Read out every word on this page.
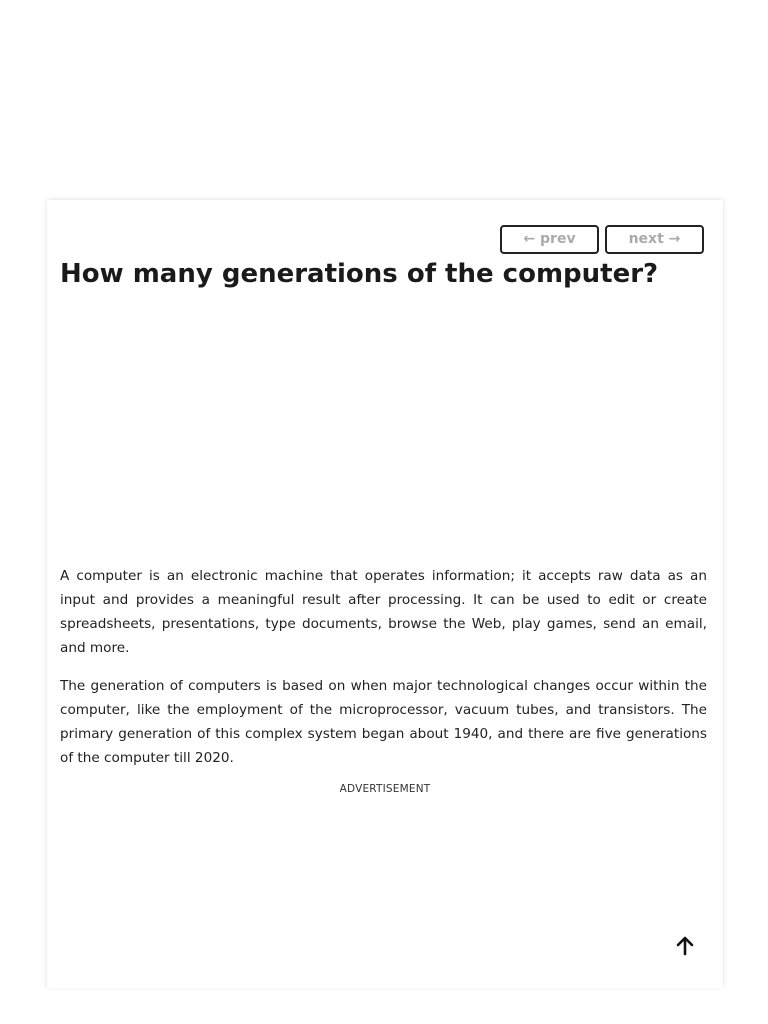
← prev	next →
How many generations of the computer?

A computer is an electronic machine that operates information; it accepts raw data as an input and provides a meaningful result after processing. It can be used to edit or create spreadsheets, presentations, type documents, browse the Web, play games, send an email, and more.

The generation of computers is based on when major technological changes occur within the computer, like the employment of the microprocessor, vacuum tubes, and transistors. The primary generation of this complex system began about 1940, and there are five generations of the computer till 2020.

ADVERTISEMENT
